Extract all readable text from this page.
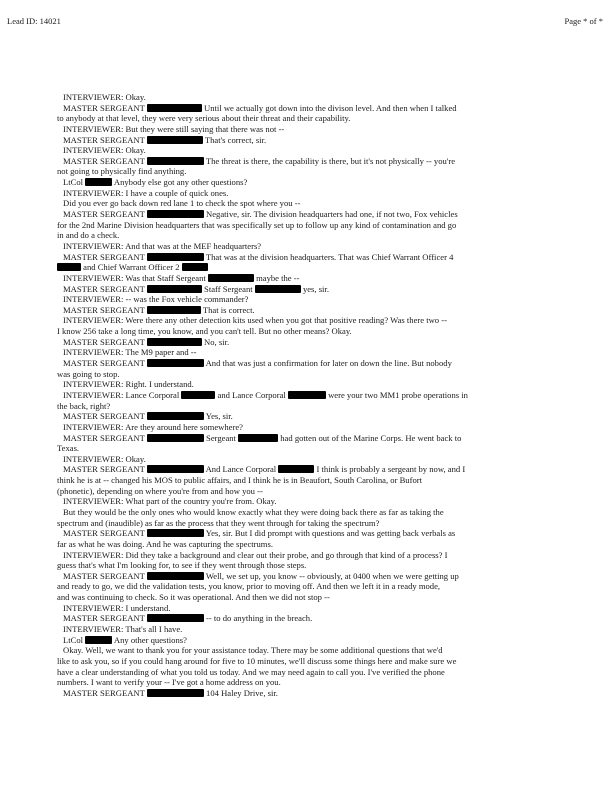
Lead ID: 14021	Page * of *
INTERVIEWER: Okay.
MASTER SERGEANT	Until we actually got down into the divison level. And then when I talked
to anybody at that level, they were very serious about their threat and their capability.
INTERVIEWER: But they were still saying that there was not --
MASTER SERGEANT	That's correct, sir.
INTERVIEWER: Okay.
MASTER SERGEANT	The threat is there, the capability is there, but it's not physically -- you're
not going to physically find anything.
LtCol	Anybody else got any other questions?
INTERVIEWER: I have a couple of quick ones.
Did you ever go back down red lane 1 to check the spot where you --
MASTER SERGEANT	Negative, sir. The division headquarters had one, if not two, Fox vehicles
for the 2nd Marine Division headquarters that was specifically set up to follow up any kind of contamination and go
in and do a check.
INTERVIEWER: And that was at the MEF headquarters?
MASTER SERGEANT	That was at the division headquarters. That was Chief Warrant Officer 4
and Chief Warrant Officer 2
INTERVIEWER: Was that Staff Sergeant	maybe the --
MASTER SERGEANT	Staff Sergeant	yes, sir.
INTERVIEWER: -- was the Fox vehicle commander?
MASTER SERGEANT	That is correct.
INTERVIEWER: Were there any other detection kits used when you got that positive reading? Was there two --
I know 256 take a long time, you know, and you can't tell. But no other means? Okay.
MASTER SERGEANT	No, sir.
INTERVIEWER: The M9 paper and --
MASTER SERGEANT	And that was just a confirmation for later on down the line. But nobody
was going to stop.
INTERVIEWER: Right. I understand.
INTERVIEWER: Lance Corporal	and Lance Corporal	were your two MM1 probe operations in
the back, right?
MASTER SERGEANT	Yes, sir.
INTERVIEWER: Are they around here somewhere?
MASTER SERGEANT	Sergeant	had gotten out of the Marine Corps. He went back to
Texas.
INTERVIEWER: Okay.
MASTER SERGEANT	And Lance Corporal	I think is probably a sergeant by now, and I
think he is at -- changed his MOS to public affairs, and I think he is in Beaufort, South Carolina, or Bufort
(phonetic), depending on where you're from and how you --
INTERVIEWER: What part of the country you're from. Okay.
But they would be the only ones who would know exactly what they were doing back there as far as taking the
spectrum and (inaudible) as far as the process that they went through for taking the spectrum?
MASTER SERGEANT	Yes, sir. But I did prompt with questions and was getting back verbals as
far as what he was doing. And he was capturing the spectrums.
INTERVIEWER: Did they take a background and clear out their probe, and go through that kind of a process? I
guess that's what I'm looking for, to see if they went through those steps.
MASTER SERGEANT	Well, we set up, you know -- obviously, at 0400 when we were getting up
and ready to go, we did the validation tests, you know, prior to moving off. And then we left it in a ready mode,
and was continuing to check. So it was operational. And then we did not stop --
INTERVIEWER: I understand.
MASTER SERGEANT	-- to do anything in the breach.
INTERVIEWER: That's all I have.
LtCol	Any other questions?
Okay. Well, we want to thank you for your assistance today. There may be some additional questions that we'd
like to ask you, so if you could hang around for five to 10 minutes, we'll discuss some things here and make sure we
have a clear understanding of what you told us today. And we may need again to call you. I've verified the phone
numbers. I want to verify your -- I've got a home address on you.
MASTER SERGEANT	104 Haley Drive, sir.
